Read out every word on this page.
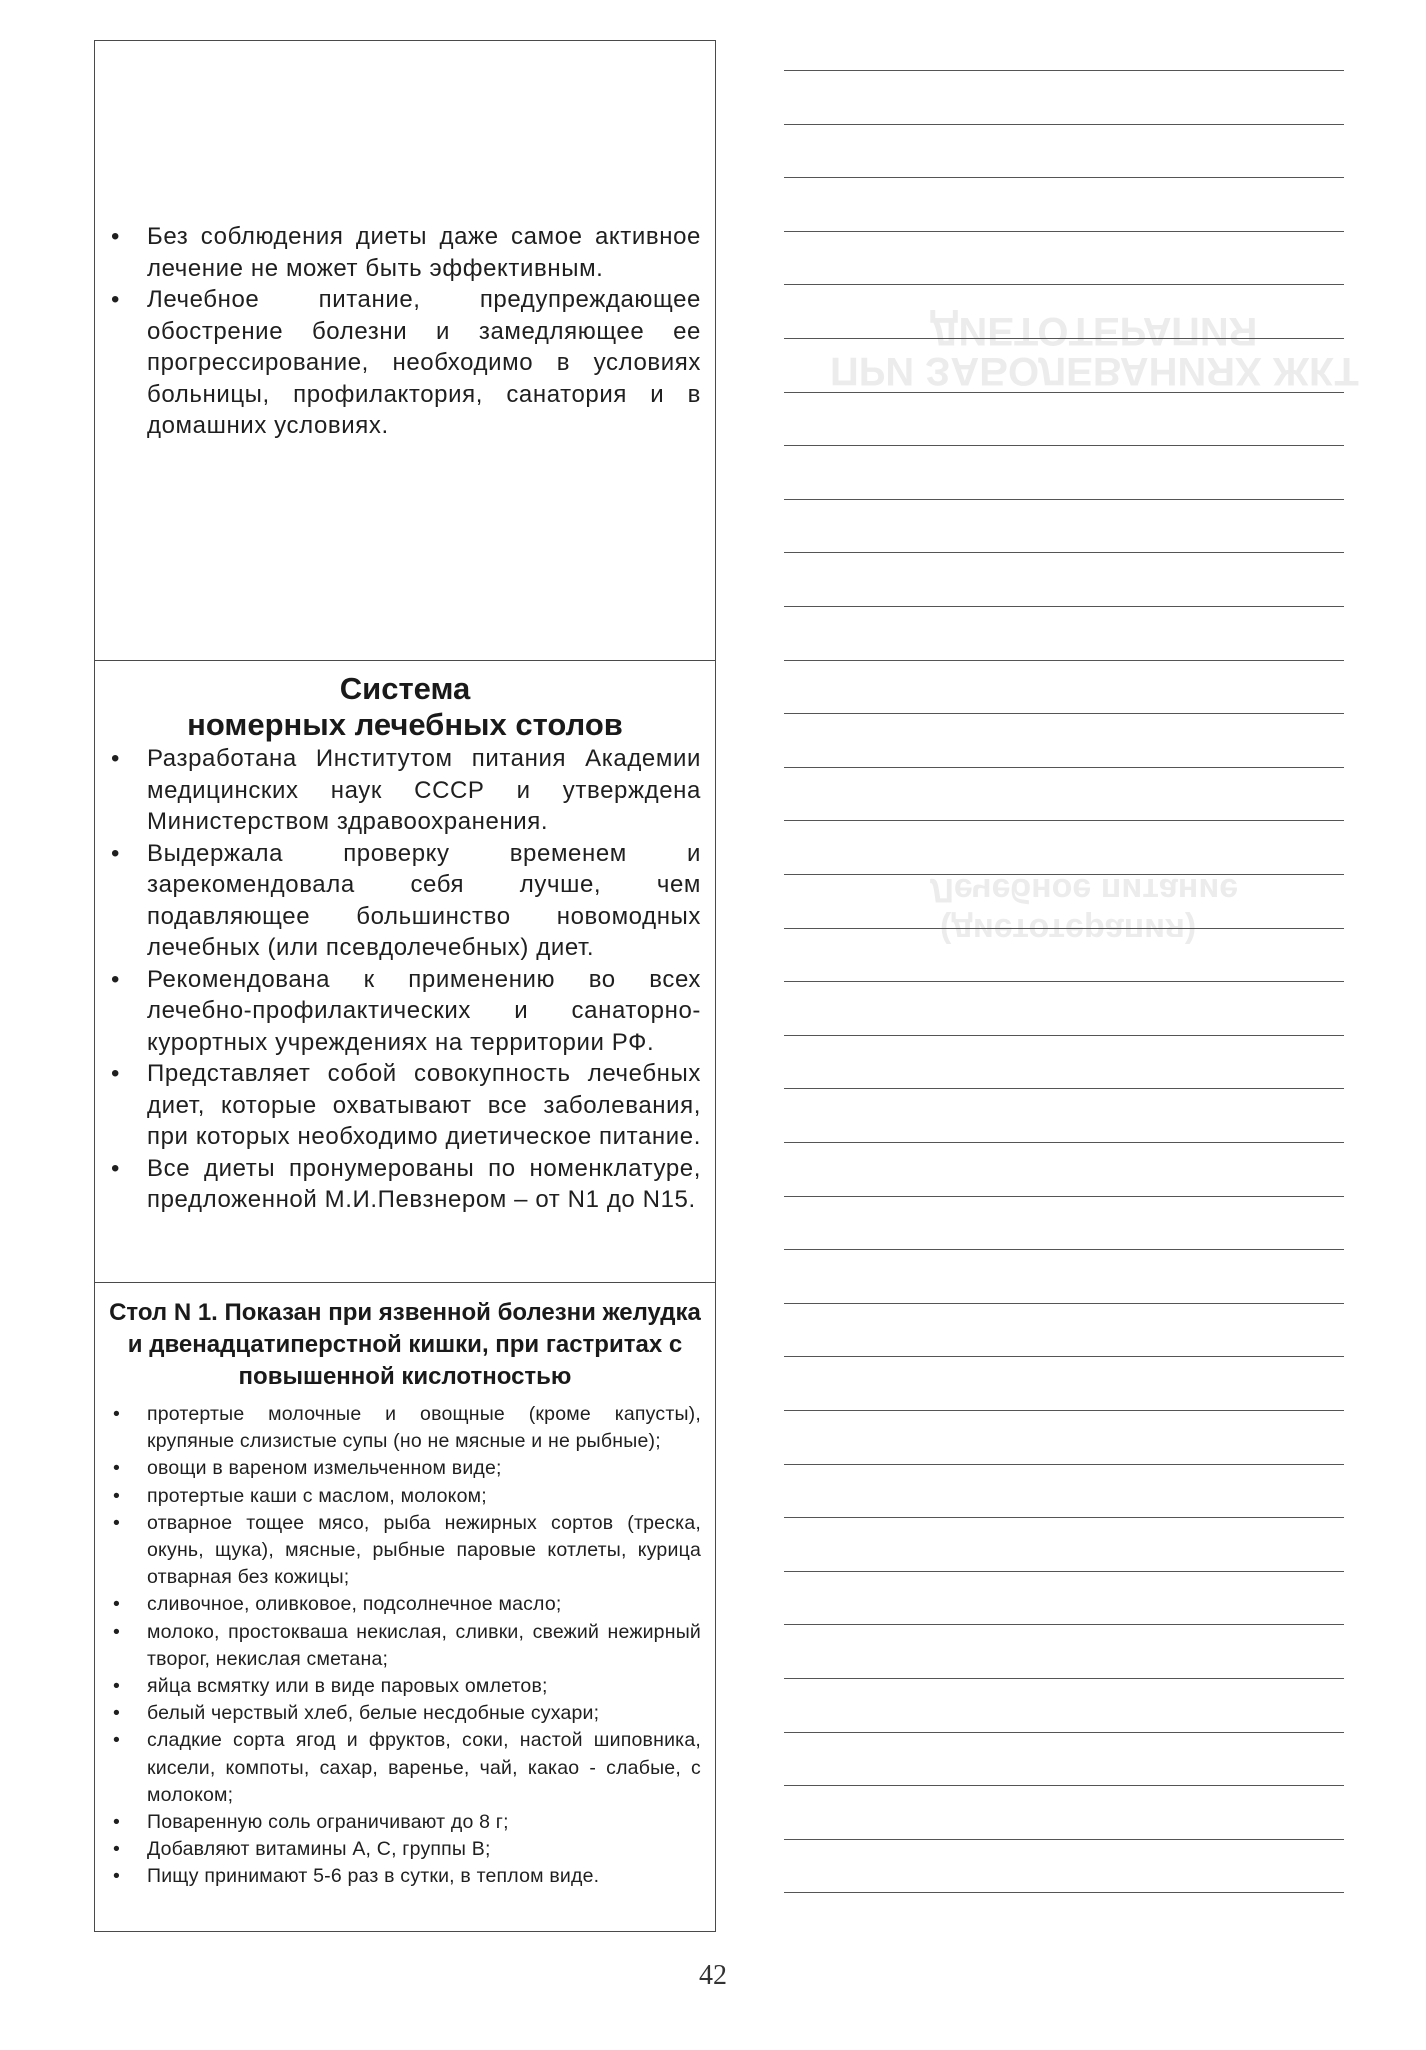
ДИЕТОТЕРАПИЯ
ПРИ ЗАБОЛЕВАНИЯХ ЖКТ
Лечебное питание
(диетотерапия)
• Без соблюдения диеты даже самое активное лечение не может быть эффективным.
• Лечебное питание, предупреждающее обострение болезни и замедляющее ее прогрессирование, необходимо в условиях больницы, профилактория, санатория и в домашних условиях.
Система
номерных лечебных столов
• Разработана Институтом питания Академии медицинских наук СССР и утверждена Министерством здравоохранения.
• Выдержала проверку временем и зарекомендовала себя лучше, чем подавляющее большинство новомодных лечебных (или псевдолечебных) диет.
• Рекомендована к применению во всех лечебно-профилактических и санаторно-курортных учреждениях на территории РФ.
• Представляет собой совокупность лечебных диет, которые охватывают все заболевания, при которых необходимо диетическое питание.
• Все диеты пронумерованы по номенклатуре, предложенной М.И.Певзнером – от N1 до N15.
Стол N 1. Показан при язвенной болезни желудка и двенадцатиперстной кишки, при гастритах с повышенной кислотностью
• протертые молочные и овощные (кроме капусты), крупяные слизистые супы (но не мясные и не рыбные);
• овощи в вареном измельченном виде;
• протертые каши с маслом, молоком;
• отварное тощее мясо, рыба нежирных сортов (треска, окунь, щука), мясные, рыбные паровые котлеты, курица отварная без кожицы;
• сливочное, оливковое, подсолнечное масло;
• молоко, простокваша некислая, сливки, свежий нежирный творог, некислая сметана;
• яйца всмятку или в виде паровых омлетов;
• белый черствый хлеб, белые несдобные сухари;
• сладкие сорта ягод и фруктов, соки, настой шиповника, кисели, компоты, сахар, варенье, чай, какао - слабые, с молоком;
• Поваренную соль ограничивают до 8 г;
• Добавляют витамины А, С, группы В;
• Пищу принимают 5-6 раз в сутки, в теплом виде.
42
